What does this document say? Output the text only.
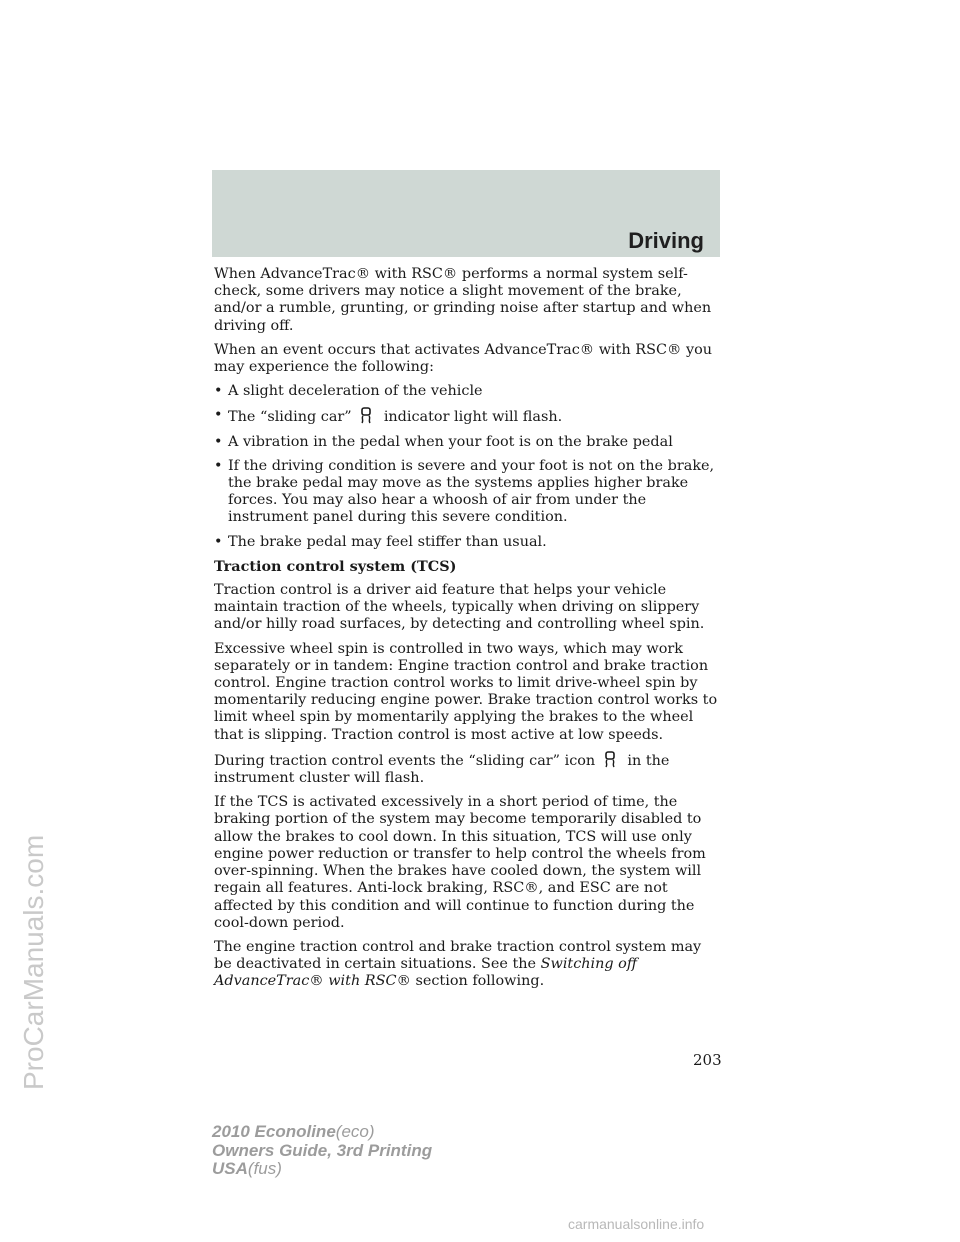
Driving

When AdvanceTrac® with RSC® performs a normal system self-check, some drivers may notice a slight movement of the brake, and/or a rumble, grunting, or grinding noise after startup and when driving off.

When an event occurs that activates AdvanceTrac® with RSC® you may experience the following:

• A slight deceleration of the vehicle
• The “sliding car” indicator light will flash.
• A vibration in the pedal when your foot is on the brake pedal
• If the driving condition is severe and your foot is not on the brake, the brake pedal may move as the systems applies higher brake forces. You may also hear a whoosh of air from under the instrument panel during this severe condition.
• The brake pedal may feel stiffer than usual.
Traction control system (TCS)

Traction control is a driver aid feature that helps your vehicle maintain traction of the wheels, typically when driving on slippery and/or hilly road surfaces, by detecting and controlling wheel spin.

Excessive wheel spin is controlled in two ways, which may work separately or in tandem: Engine traction control and brake traction control. Engine traction control works to limit drive-wheel spin by momentarily reducing engine power. Brake traction control works to limit wheel spin by momentarily applying the brakes to the wheel that is slipping. Traction control is most active at low speeds.

During traction control events the “sliding car” icon in the instrument cluster will flash.

If the TCS is activated excessively in a short period of time, the braking portion of the system may become temporarily disabled to allow the brakes to cool down. In this situation, TCS will use only engine power reduction or transfer to help control the wheels from over-spinning. When the brakes have cooled down, the system will regain all features. Anti-lock braking, RSC®, and ESC are not affected by this condition and will continue to function during the cool-down period.

The engine traction control and brake traction control system may be deactivated in certain situations. See the Switching off AdvanceTrac® with RSC® section following.

203
ProCarManuals.com
2010 Econoline(eco)
Owners Guide, 3rd Printing
USA(fus)
carmanualsonline.info
